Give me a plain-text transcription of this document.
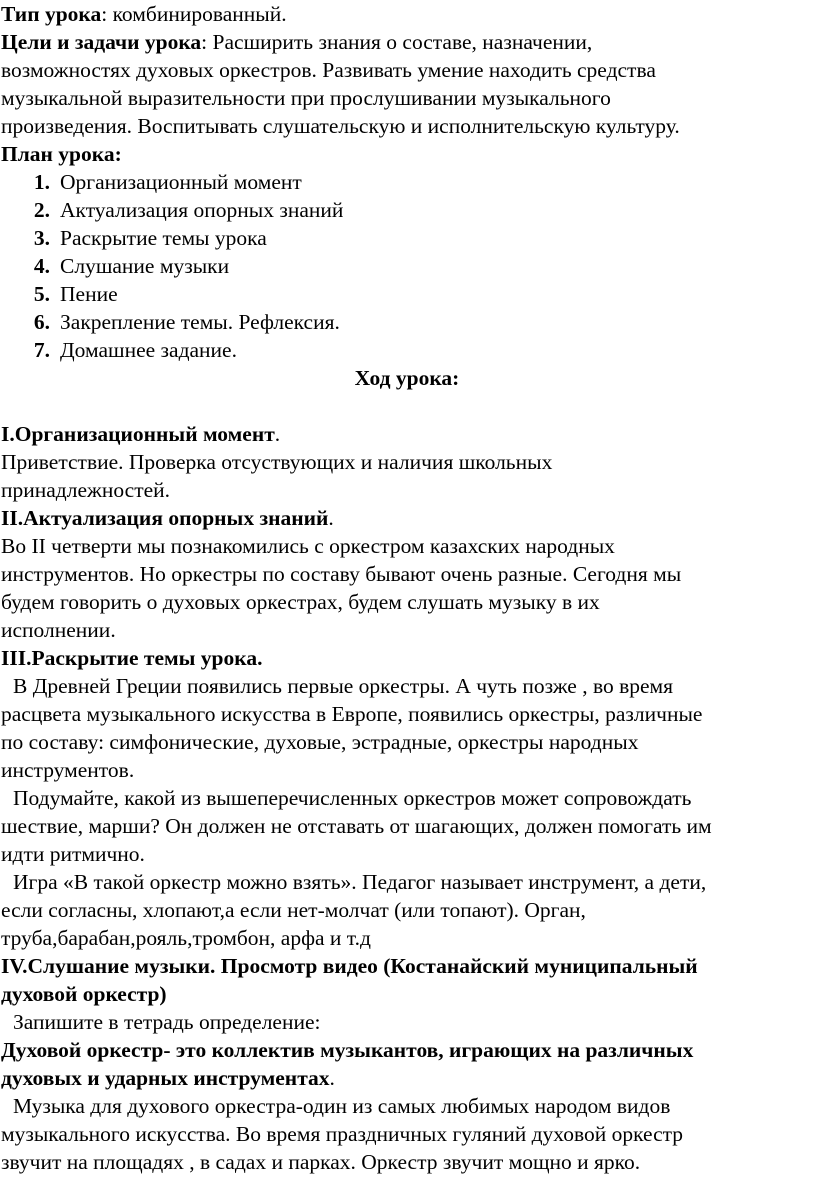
Тип урока: комбинированный.

Цели и задачи урока: Расширить знания о составе, назначении,

возможностях духовых оркестров. Развивать умение находить средства

музыкальной выразительности при прослушивании музыкального

произведения. Воспитывать слушательскую и исполнительскую культуру.

План урока:

1. Организационный момент
2. Актуализация опорных знаний
3. Раскрытие темы урока
4. Слушание музыки
5. Пение
6. Закрепление темы. Рефлексия.
7. Домашнее задание.

Ход урока:

I.Организационный момент.

Приветствие. Проверка отсуствующих и наличия школьных

принадлежностей.

II.Актуализация опорных знаний.

Во II четверти мы познакомились с оркестром казахских народных

инструментов. Но оркестры по составу бывают очень разные. Сегодня мы

будем говорить о духовых оркестрах, будем слушать музыку в их

исполнении.

III.Раскрытие темы урока.

В Древней Греции появились первые оркестры. А чуть позже , во время

расцвета музыкального искусства в Европе, появились оркестры, различные

по составу: симфонические, духовые, эстрадные, оркестры народных

инструментов.

Подумайте, какой из вышеперечисленных оркестров может сопровождать

шествие, марши? Он должен не отставать от шагающих, должен помогать им

идти ритмично.

Игра «В такой оркестр можно взять». Педагог называет инструмент, а дети,

если согласны, хлопают,а если нет-молчат (или топают). Орган,

труба,барабан,рояль,тромбон, арфа и т.д

IV.Слушание музыки. Просмотр видео (Костанайский муниципальный

духовой оркестр)

Запишите в тетрадь определение:

Духовой оркестр- это коллектив музыкантов, играющих на различных

духовых и ударных инструментах.

Музыка для духового оркестра-один из самых любимых народом видов

музыкального искусства. Во время праздничных гуляний духовой оркестр

звучит на площадях , в садах и парках. Оркестр звучит мощно и ярко.
